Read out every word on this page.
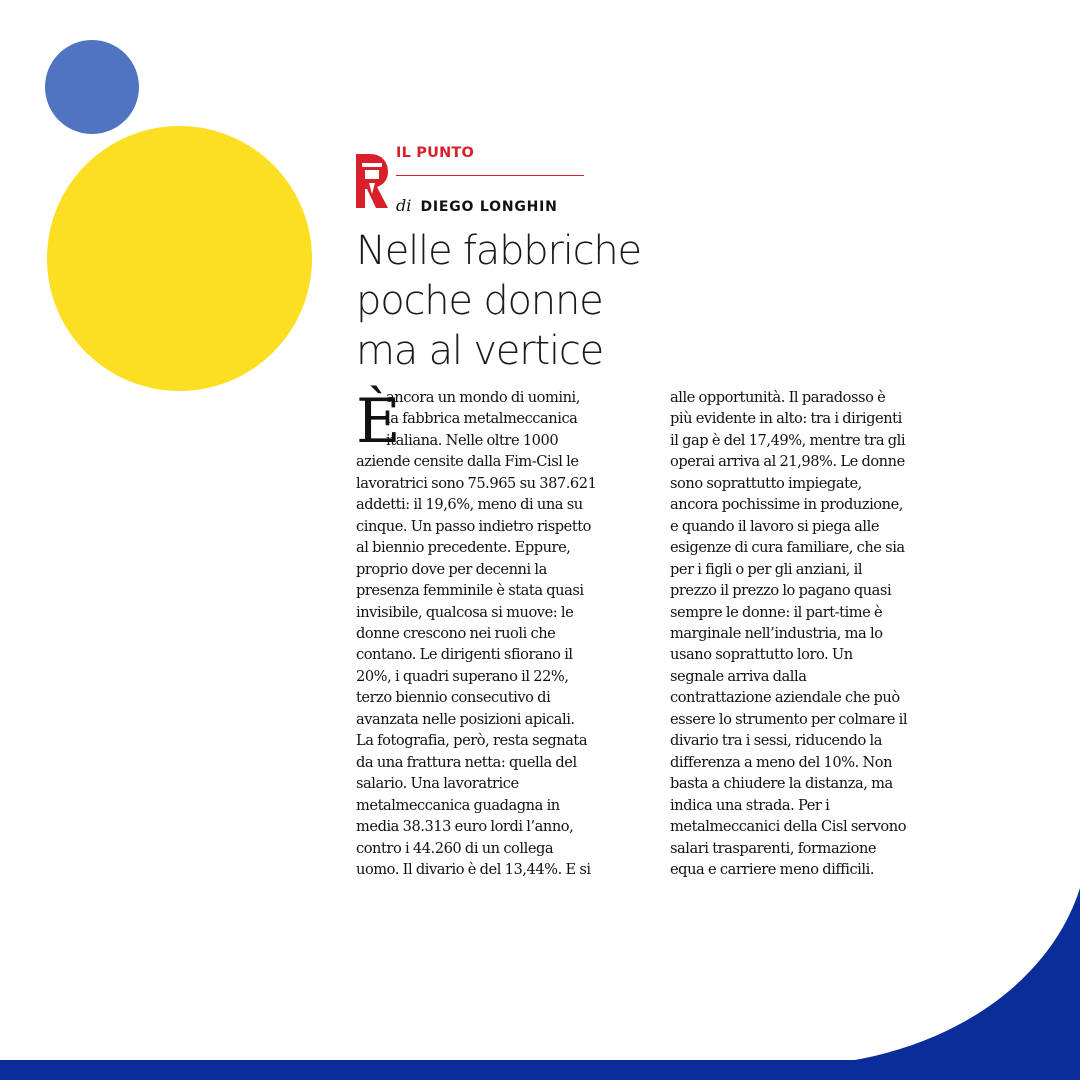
IL PUNTO
di DIEGO LONGHIN
Nelle fabbriche
poche donne
ma al vertice
È
ancora un mondo di uomini,
la fabbrica metalmeccanica
italiana. Nelle oltre 1000
aziende censite dalla Fim-Cisl le
lavoratrici sono 75.965 su 387.621
addetti: il 19,6%, meno di una su
cinque. Un passo indietro rispetto
al biennio precedente. Eppure,
proprio dove per decenni la
presenza femminile è stata quasi
invisibile, qualcosa si muove: le
donne crescono nei ruoli che
contano. Le dirigenti sfiorano il
20%, i quadri superano il 22%,
terzo biennio consecutivo di
avanzata nelle posizioni apicali.
La fotografia, però, resta segnata
da una frattura netta: quella del
salario. Una lavoratrice
metalmeccanica guadagna in
media 38.313 euro lordi l’anno,
contro i 44.260 di un collega
uomo. Il divario è del 13,44%. E si
alle opportunità. Il paradosso è
più evidente in alto: tra i dirigenti
il gap è del 17,49%, mentre tra gli
operai arriva al 21,98%. Le donne
sono soprattutto impiegate,
ancora pochissime in produzione,
e quando il lavoro si piega alle
esigenze di cura familiare, che sia
per i figli o per gli anziani, il
prezzo il prezzo lo pagano quasi
sempre le donne: il part-time è
marginale nell’industria, ma lo
usano soprattutto loro. Un
segnale arriva dalla
contrattazione aziendale che può
essere lo strumento per colmare il
divario tra i sessi, riducendo la
differenza a meno del 10%. Non
basta a chiudere la distanza, ma
indica una strada. Per i
metalmeccanici della Cisl servono
salari trasparenti, formazione
equa e carriere meno difficili.
